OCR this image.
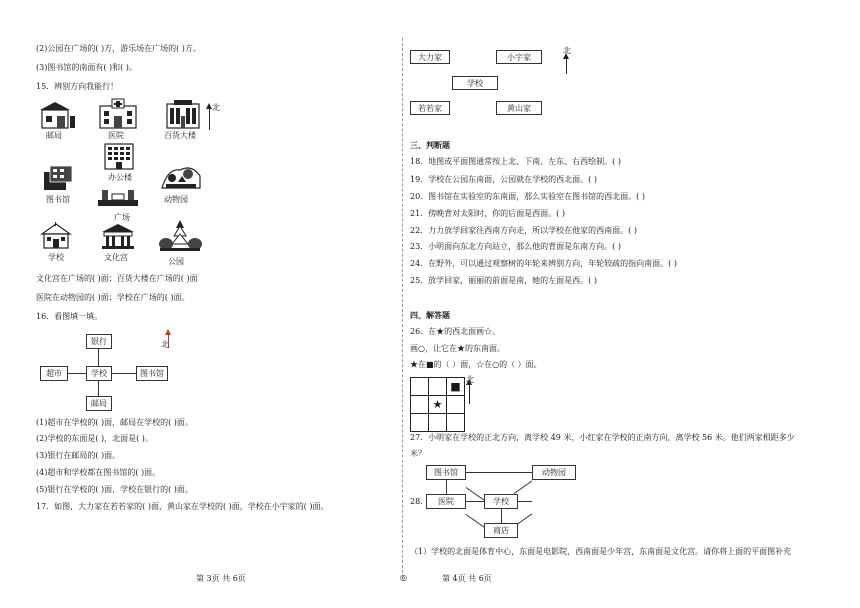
(2)公园在广场的( )方，游乐场在广场的( )方。
(3)图书馆的南面有( )和( )。
15．辨别方向我能行！
邮局	医院	百货大楼
北
办公楼
图书馆	动物园
广场
学校	文化宫	公园
文化宫在广场的( )面；百货大楼在广场的( )面
医院在动物园的( )面；学校在广场的( )面。
16．看图填一填。
银行
超市	学校	图书馆
邮局
北
(1)超市在学校的( )面，邮局在学校的( )面。
(2)学校的东面是( )，北面是( )。
(3)银行在邮局的( )面。
(4)超市和学校都在图书馆的( )面。
(5)银行在学校的( )面，学校在银行的( )面。
17．如图，大力家在若若家的( )面，黄山家在学校的( )面，学校在小宇家的( )面。
大力家	小宇家
学校
若若家	黄山家
北
三、判断题
18．地图或平面图通常按上北、下南、左东、右西绘制。( )
19．学校在公园东南面，公园就在学校的西北面。( )
20．图书馆在实验室的东南面，那么实验室在图书馆的西北面。( )
21．傍晚背对太阳时，你的后面是西面。( )
22．力力放学回家往西南方向走，所以学校在他家的西南面。( )
23．小明面向东北方向站立，那么他的背面是东南方向。( )
24．在野外，可以通过观察树的年轮来辨别方向，年轮较疏的指向南面。( )
25．放学回家，丽丽的前面是南，她的左面是西。( )
四、解答题
26．在★的西北面画☆。
画○，让它在★的东南面。
★在■的（ ）面，☆在○的（ ）面。
		■
	★	

北
27．小明家在学校的正北方向，离学校 49 米，小红家在学校的正南方向，离学校 56 米。他们两家相距多少
米？
图书馆	动物园
医院	学校
商店
28．
（1）学校的北面是体育中心，东面是电影院，西南面是少年宫，东南面是文化宫。请你将上面的平面图补充
第 3页 共 6页	◎	第 4页 共 6页
